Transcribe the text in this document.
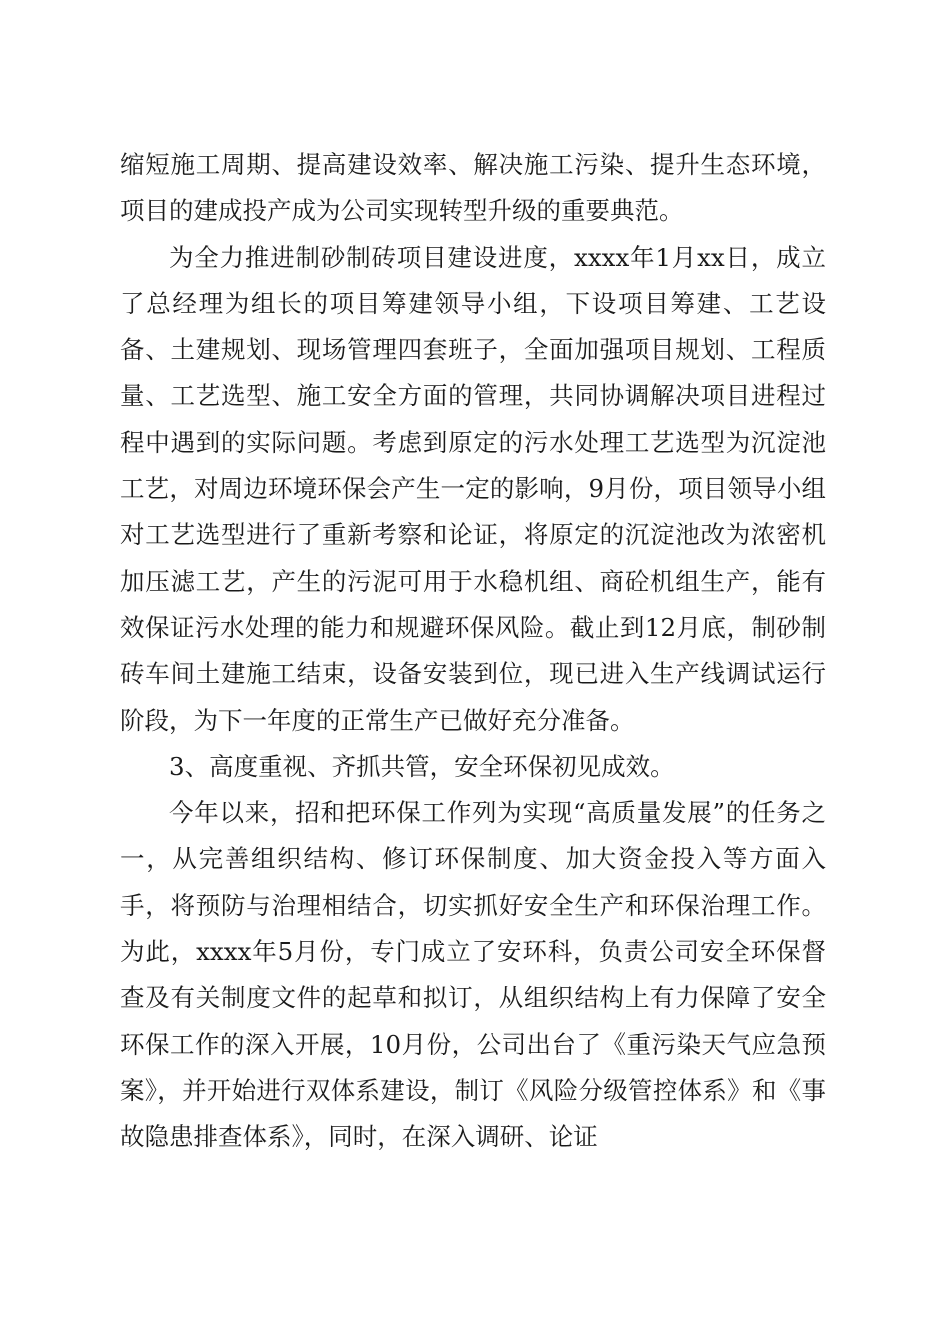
缩短施工周期、提高建设效率、解决施工污染、提升生态环境，项目的建成投产成为公司实现转型升级的重要典范。

为全力推进制砂制砖项目建设进度，xxxx年1月xx日，成立了总经理为组长的项目筹建领导小组，下设项目筹建、工艺设备、土建规划、现场管理四套班子，全面加强项目规划、工程质量、工艺选型、施工安全方面的管理，共同协调解决项目进程过程中遇到的实际问题。考虑到原定的污水处理工艺选型为沉淀池工艺，对周边环境环保会产生一定的影响，9月份，项目领导小组对工艺选型进行了重新考察和论证，将原定的沉淀池改为浓密机加压滤工艺，产生的污泥可用于水稳机组、商砼机组生产，能有效保证污水处理的能力和规避环保风险。截止到12月底，制砂制砖车间土建施工结束，设备安装到位，现已进入生产线调试运行阶段，为下一年度的正常生产已做好充分准备。

3、高度重视、齐抓共管，安全环保初见成效。

今年以来，招和把环保工作列为实现“高质量发展”的任务之一，从完善组织结构、修订环保制度、加大资金投入等方面入手，将预防与治理相结合，切实抓好安全生产和环保治理工作。为此，xxxx年5月份，专门成立了安环科，负责公司安全环保督查及有关制度文件的起草和拟订，从组织结构上有力保障了安全环保工作的深入开展，10月份，公司出台了《重污染天气应急预案》，并开始进行双体系建设，制订《风险分级管控体系》和《事故隐患排查体系》，同时，在深入调研、论证
